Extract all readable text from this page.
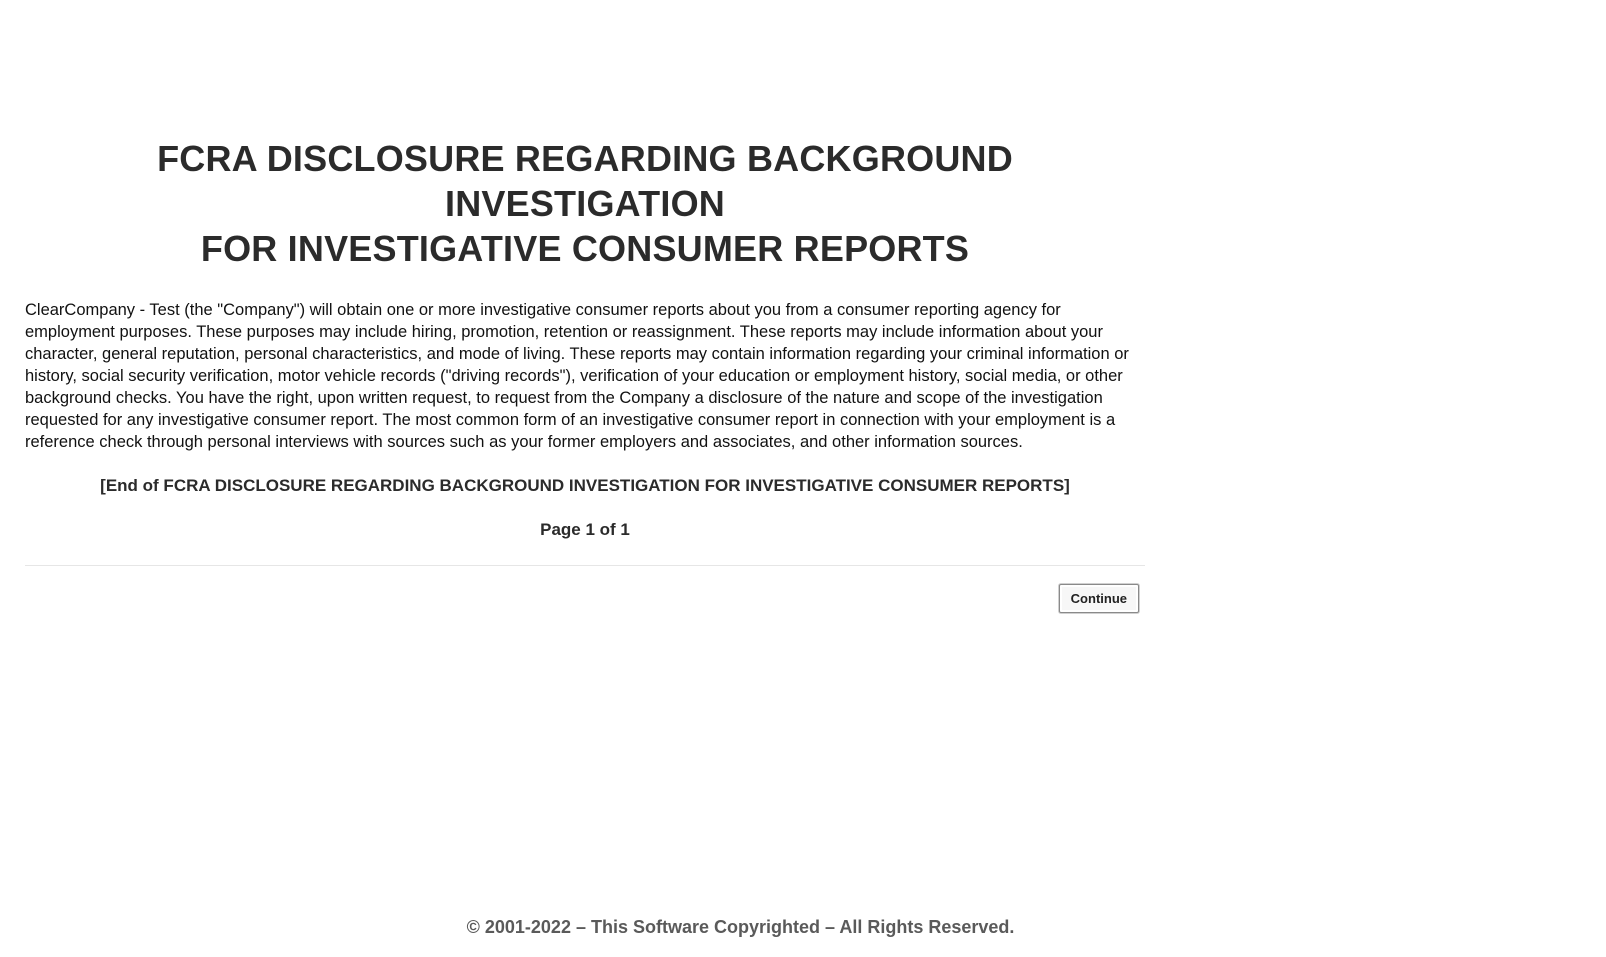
FCRA DISCLOSURE REGARDING BACKGROUND INVESTIGATION
FOR INVESTIGATIVE CONSUMER REPORTS

ClearCompany - Test (the "Company") will obtain one or more investigative consumer reports about you from a consumer reporting agency for employment purposes. These purposes may include hiring, promotion, retention or reassignment. These reports may include information about your character, general reputation, personal characteristics, and mode of living. These reports may contain information regarding your criminal information or history, social security verification, motor vehicle records ("driving records"), verification of your education or employment history, social media, or other background checks. You have the right, upon written request, to request from the Company a disclosure of the nature and scope of the investigation requested for any investigative consumer report. The most common form of an investigative consumer report in connection with your employment is a reference check through personal interviews with sources such as your former employers and associates, and other information sources.

[End of FCRA DISCLOSURE REGARDING BACKGROUND INVESTIGATION FOR INVESTIGATIVE CONSUMER REPORTS]

Page 1 of 1

Continue
© 2001-2022 – This Software Copyrighted – All Rights Reserved.
